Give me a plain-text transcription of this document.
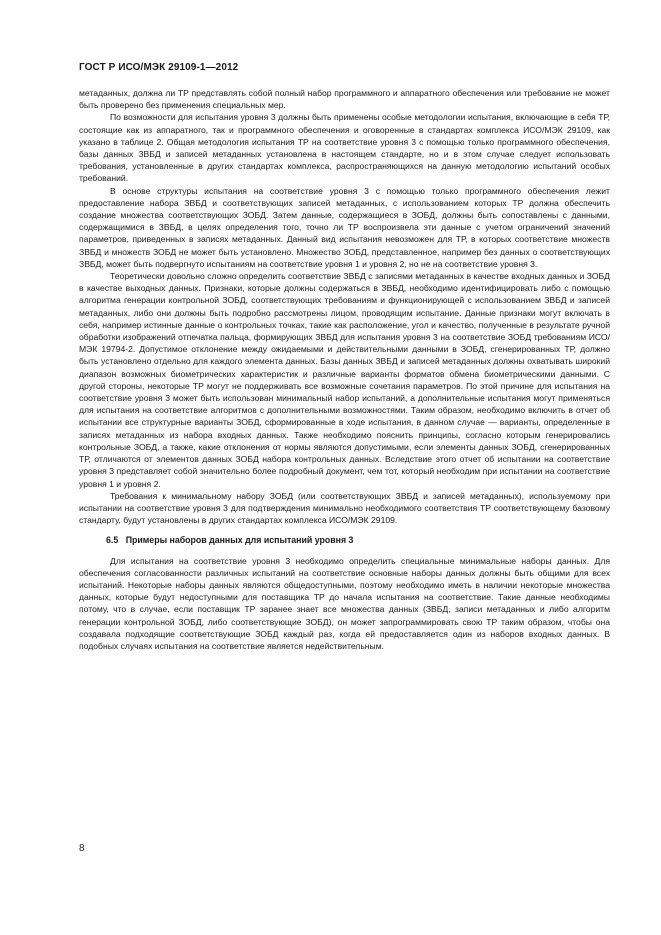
ГОСТ Р ИСО/МЭК 29109-1—2012

метаданных, должна ли ТР представлять собой полный набор программного и аппаратного обеспечения или требование не может быть проверено без применения специальных мер.

По возможности для испытания уровня 3 должны быть применены особые методологии испытания, включающие в себя ТР, состоящие как из аппаратного, так и программного обеспечения и оговоренные в стандартах комплекса ИСО/МЭК 29109, как указано в таблице 2. Общая методология испытания ТР на соответствие уровня 3 с помощью только программного обеспечения, базы данных ЗВБД и записей метаданных установлена в настоящем стандарте, но и в этом случае следует использовать требования, установленные в других стандартах комплекса, распространяющихся на данную методологию испытаний особых требований.

В основе структуры испытания на соответствие уровня 3 с помощью только программного обеспечения лежит предоставление набора ЗВБД и соответствующих записей метаданных, с использованием которых ТР должна обеспечить создание множества соответствующих ЗОБД. Затем данные, содержащиеся в ЗОБД, должны быть сопоставлены с данными, содержащимися в ЗВБД, в целях определения того, точно ли ТР воспроизвела эти данные с учетом ограничений значений параметров, приведенных в записях метаданных. Данный вид испытания невозможен для ТР, в которых соответствие множеств ЗВБД и множеств ЗОБД не может быть установлено. Множество ЗОБД, представленное, например без данных о соответствующих ЗВБД, может быть подвергнуто испытаниям на соответствие уровня 1 и уровня 2, но не на соответствие уровня 3.

Теоретически довольно сложно определить соответствие ЗВБД с записями метаданных в качестве входных данных и ЗОБД в качестве выходных данных. Признаки, которые должны содержаться в ЗВБД, необходимо идентифицировать либо с помощью алгоритма генерации контрольной ЗОБД, соответствующих требованиям и функционирующей с использованием ЗВБД и записей метаданных, либо они должны быть подробно рассмотрены лицом, проводящим испытание. Данные признаки могут включать в себя, например истинные данные о контрольных точках, такие как расположение, угол и качество, полученные в результате ручной обработки изображений отпечатка пальца, формирующих ЗВБД для испытания уровня 3 на соответствие ЗОБД требованиям ИСО/МЭК 19794-2. Допустимое отклонение между ожидаемыми и действительными данными в ЗОБД, сгенерированных ТР, должно быть установлено отдельно для каждого элемента данных. Базы данных ЗВБД и записей метаданных должны охватывать широкий диапазон возможных биометрических характеристик и различные варианты форматов обмена биометрическими данными. С другой стороны, некоторые ТР могут не поддерживать все возможные сочетания параметров. По этой причине для испытания на соответствие уровня 3 может быть использован минимальный набор испытаний, а дополнительные испытания могут применяться для испытания на соответствие алгоритмов с дополнительными возможностями. Таким образом, необходимо включить в отчет об испытании все структурные варианты ЗОБД, сформированные в ходе испытания, в данном случае — варианты, определенные в записях метаданных из набора входных данных. Также необходимо пояснить принципы, согласно которым генерировались контрольные ЗОБД, а также, какие отклонения от нормы являются допустимыми, если элементы данных ЗОБД, сгенерированных ТР, отличаются от элементов данных ЗОБД набора контрольных данных. Вследствие этого отчет об испытании на соответствие уровня 3 представляет собой значительно более подробный документ, чем тот, который необходим при испытании на соответствие уровня 1 и уровня 2.

Требования к минимальному набору ЗОБД (или соответствующих ЗВБД и записей метаданных), используемому при испытании на соответствие уровня 3 для подтверждения минимально необходимого соответствия ТР соответствующему базовому стандарту, будут установлены в других стандартах комплекса ИСО/МЭК 29109.

6.5 Примеры наборов данных для испытаний уровня 3

Для испытания на соответствие уровня 3 необходимо определить специальные минимальные наборы данных. Для обеспечения согласованности различных испытаний на соответствие основные наборы данных должны быть общими для всех испытаний. Некоторые наборы данных являются общедоступными, поэтому необходимо иметь в наличии некоторые множества данных, которые будут недоступными для поставщика ТР до начала испытания на соответствие. Такие данные необходимы потому, что в случае, если поставщик ТР заранее знает все множества данных (ЗВБД, записи метаданных и либо алгоритм генерации контрольной ЗОБД, либо соответствующие ЗОБД), он может запрограммировать свою ТР таким образом, чтобы она создавала подходящие соответствующие ЗОБД каждый раз, когда ей предоставляется один из наборов входных данных. В подобных случаях испытания на соответствие является недействительным.

8
